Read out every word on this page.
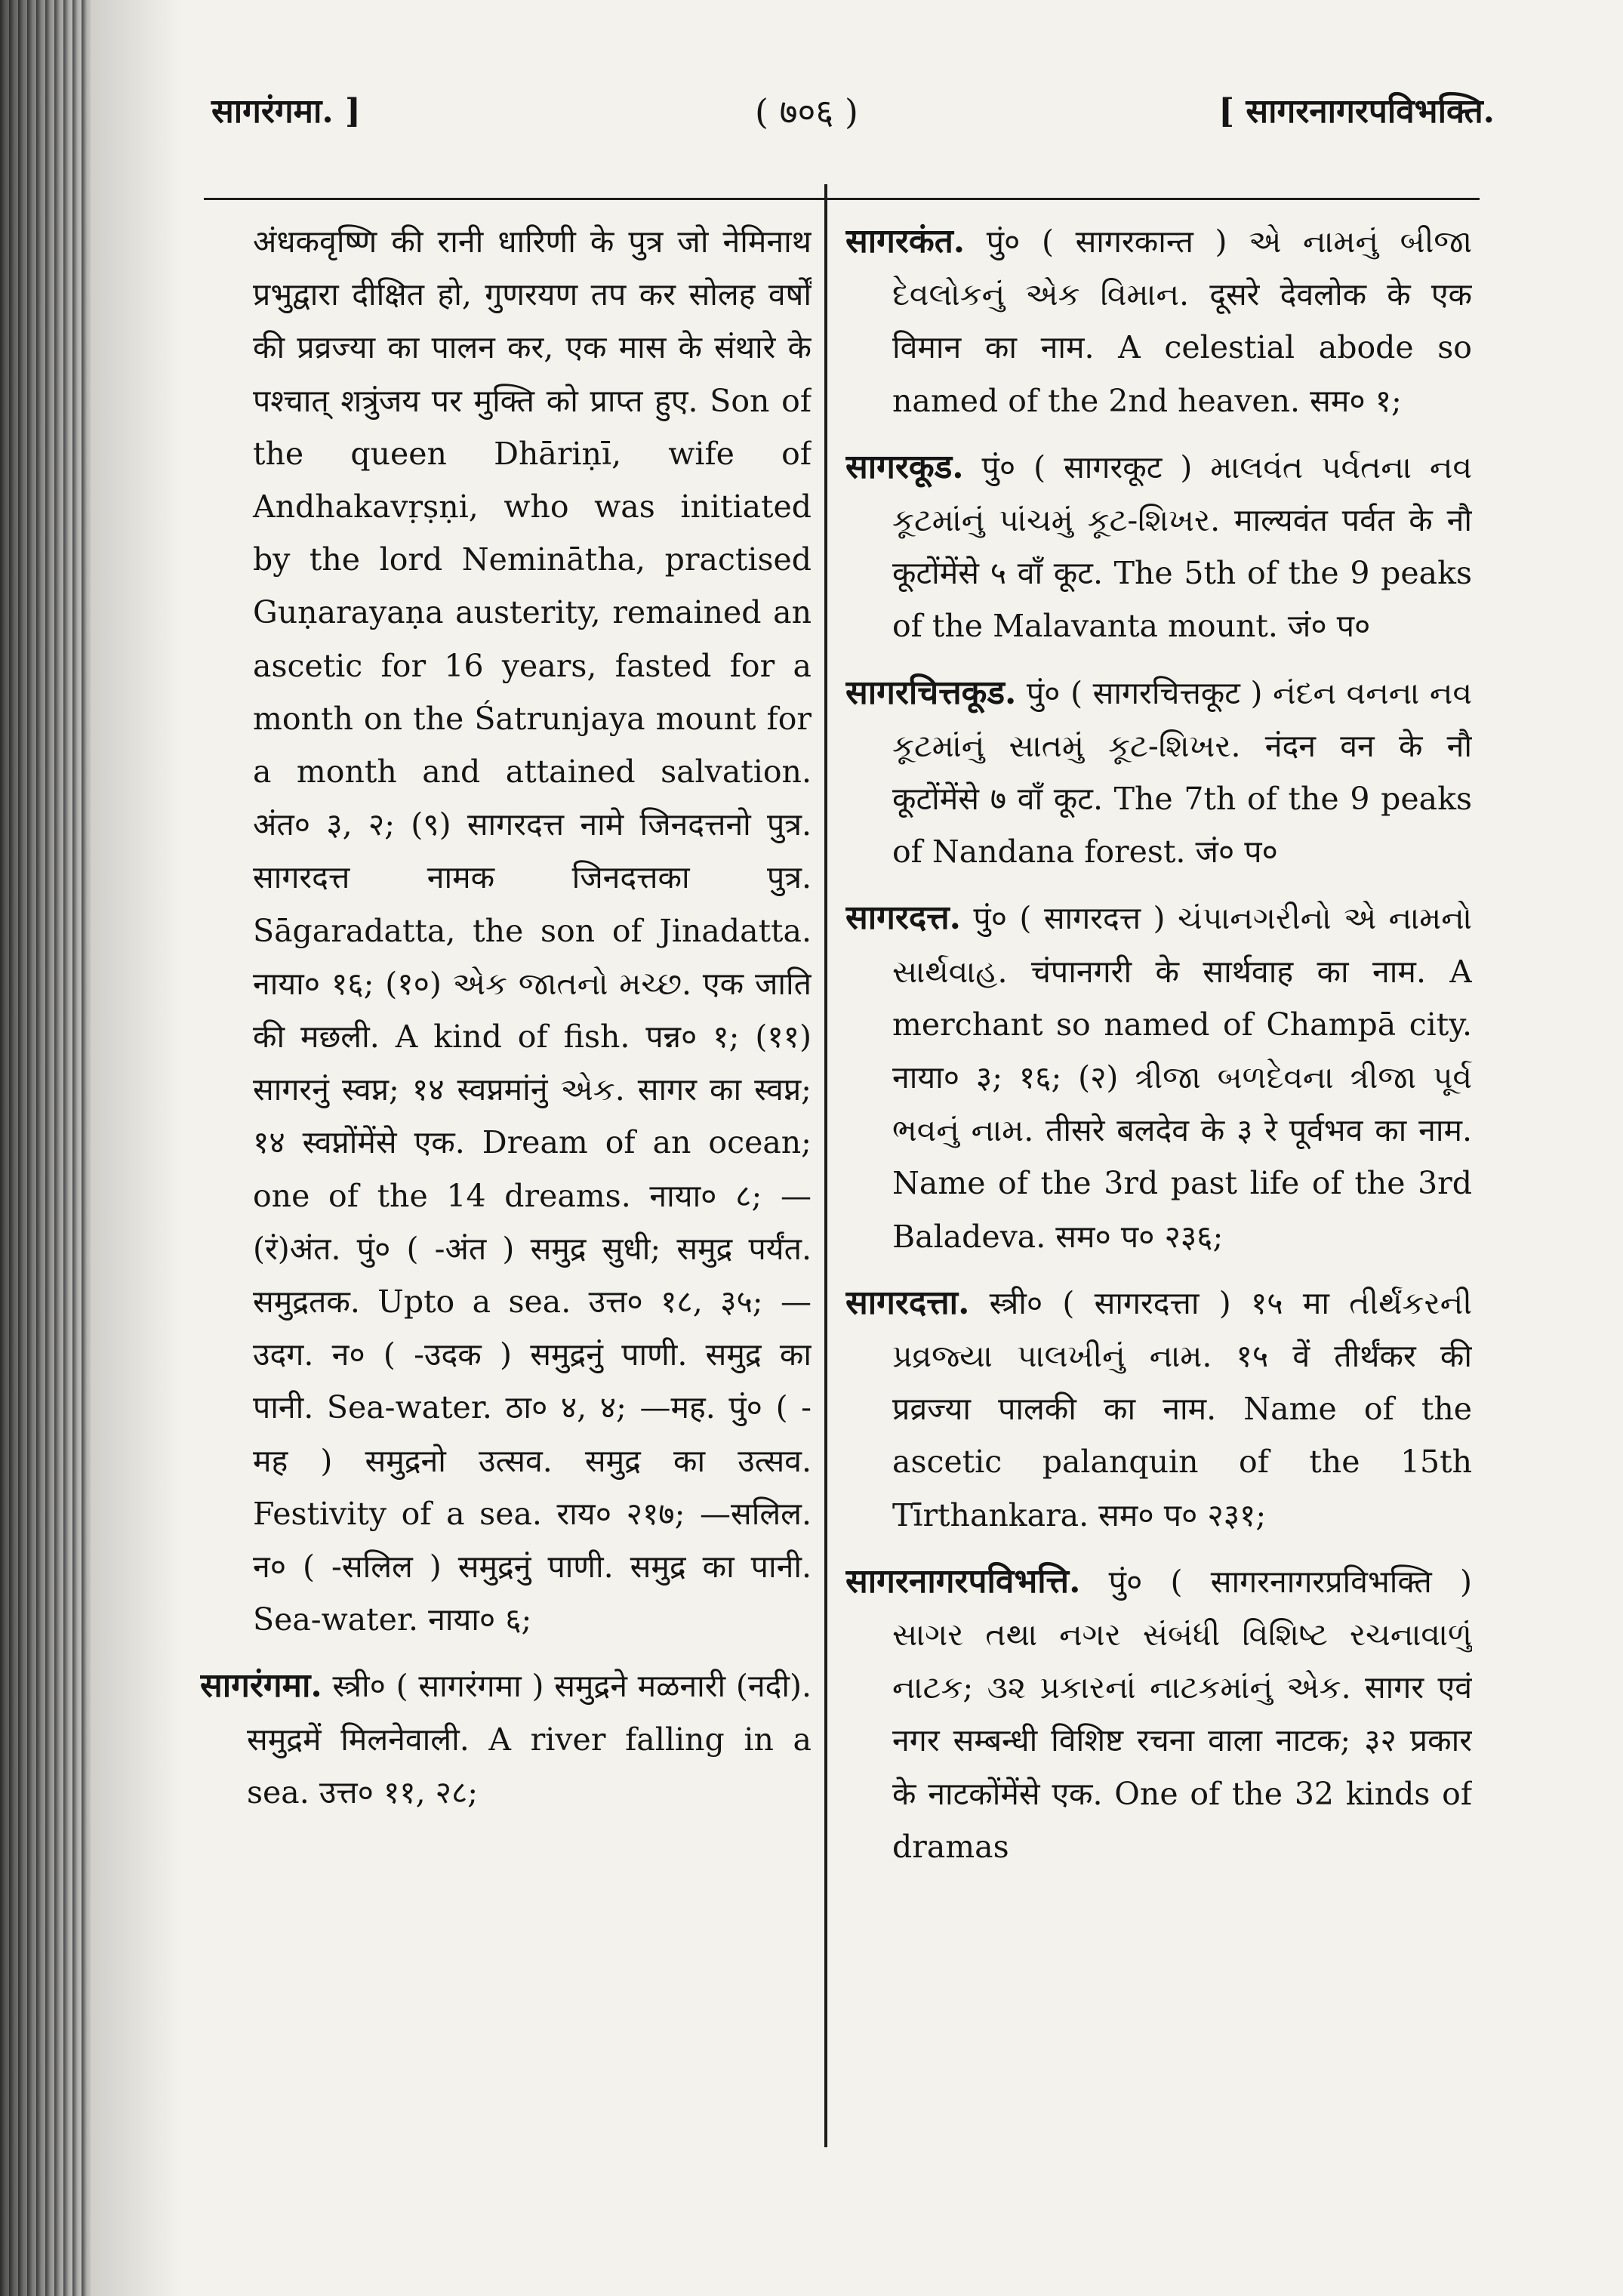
सागरंगमा. ]	( ७०६ )	[ सागरनागरपविभक्ति.

अंधकवृष्णि की रानी धारिणी के पुत्र जो नेमिनाथ प्रभुद्वारा दीक्षित हो, गुणरयण तप कर सोलह वर्षों की प्रव्रज्या का पालन कर, एक मास के संथारे के पश्चात् शत्रुंजय पर मुक्ति को प्राप्त हुए. Son of the queen Dhāriṇī, wife of Andhakavṛṣṇi, who was initiated by the lord Neminātha, practised Guṇarayaṇa austerity, remained an ascetic for 16 years, fasted for a month on the Śatrunjaya mount for a month and attained salvation. अंत० ३, २; (९) सागरदत्त नामे जिनदत्तनो पुत्र. सागरदत्त नामक जिनदत्तका पुत्र. Sāgaradatta, the son of Jinadatta. नाया० १६; (१०) એક જાતનો મચ્છ. एक जाति की मछली. A kind of fish. पन्न० १; (११) सागरनुं स्वप्न; १४ स्वप्नमांनुं એક. सागर का स्वप्न; १४ स्वप्नोंमेंसे एक. Dream of an ocean; one of the 14 dreams. नाया० ८; —(रं)अंत. पुं० ( -अंत ) समुद्र सुधी; समुद्र पर्यंत. समुद्रतक. Upto a sea. उत्त० १८, ३५; —उदग. न० ( -उदक ) समुद्रनुं पाणी. समुद्र का पानी. Sea-water. ठा० ४, ४; —मह. पुं० ( -मह ) समुद्रनो उत्सव. समुद्र का उत्सव. Festivity of a sea. राय० २१७; —सलिल. न० ( -सलिल ) समुद्रनुं पाणी. समुद्र का पानी. Sea-water. नाया० ६;

सागरंगमा. स्त्री० ( सागरंगमा ) समुद्रने मळनारी (नदी). समुद्रमें मिलनेवाली. A river falling in a sea. उत्त० ११, २८;

सागरकंत. पुं० ( सागरकान्त ) એ નામનું બીજા દેવલોકનું એક વિમાન. दूसरे देवलोक के एक विमान का नाम. A celestial abode so named of the 2nd heaven. सम० १;

सागरकूड. पुं० ( सागरकूट ) માલવંત પર્વતના નવ કૂટમાંનું પાંચમું કૂટ-શિખર. माल्यवंत पर्वत के नौ कूटोंमेंसे ५ वाँ कूट. The 5th of the 9 peaks of the Malavanta mount. जं० प०

सागरचित्तकूड. पुं० ( सागरचित्तकूट ) નંદન વનના નવ કૂટમાંનું સાતમું કૂટ-શિખર. नंदन वन के नौ कूटोंमेंसे ७ वाँ कूट. The 7th of the 9 peaks of Nandana forest. जं० प०

सागरदत्त. पुं० ( सागरदत्त ) ચંપાનગરીનો એ નામનો સાર્થવાહ. चंपानगरी के सार्थवाह का नाम. A merchant so named of Champā city. नाया० ३; १६; (२) ત્રીજા બળદેવના ત્રીજા પૂર્વ ભવનું નામ. तीसरे बलदेव के ३ रे पूर्वभव का नाम. Name of the 3rd past life of the 3rd Baladeva. सम० प० २३६;

सागरदत्ता. स्त्री० ( सागरदत्ता ) १५ मा તીર્થંકરની પ્રવ્રજ્યા પાલખીનું નામ. १५ वें तीर्थंकर की प्रव्रज्या पालकी का नाम. Name of the ascetic palanquin of the 15th Tīrthankara. सम० प० २३१;

सागरनागरपविभत्ति. पुं० ( सागरनागरप्रविभक्ति ) સાગર તથા નગર સંબંધી વિશિષ્ટ રચનાવાળું નાટક; ૩૨ પ્રકારનાં નાટકમાંનું એક. सागर एवं नगर सम्बन्धी विशिष्ट रचना वाला नाटक; ३२ प्रकार के नाटकोंमेंसे एक. One of the 32 kinds of dramas
